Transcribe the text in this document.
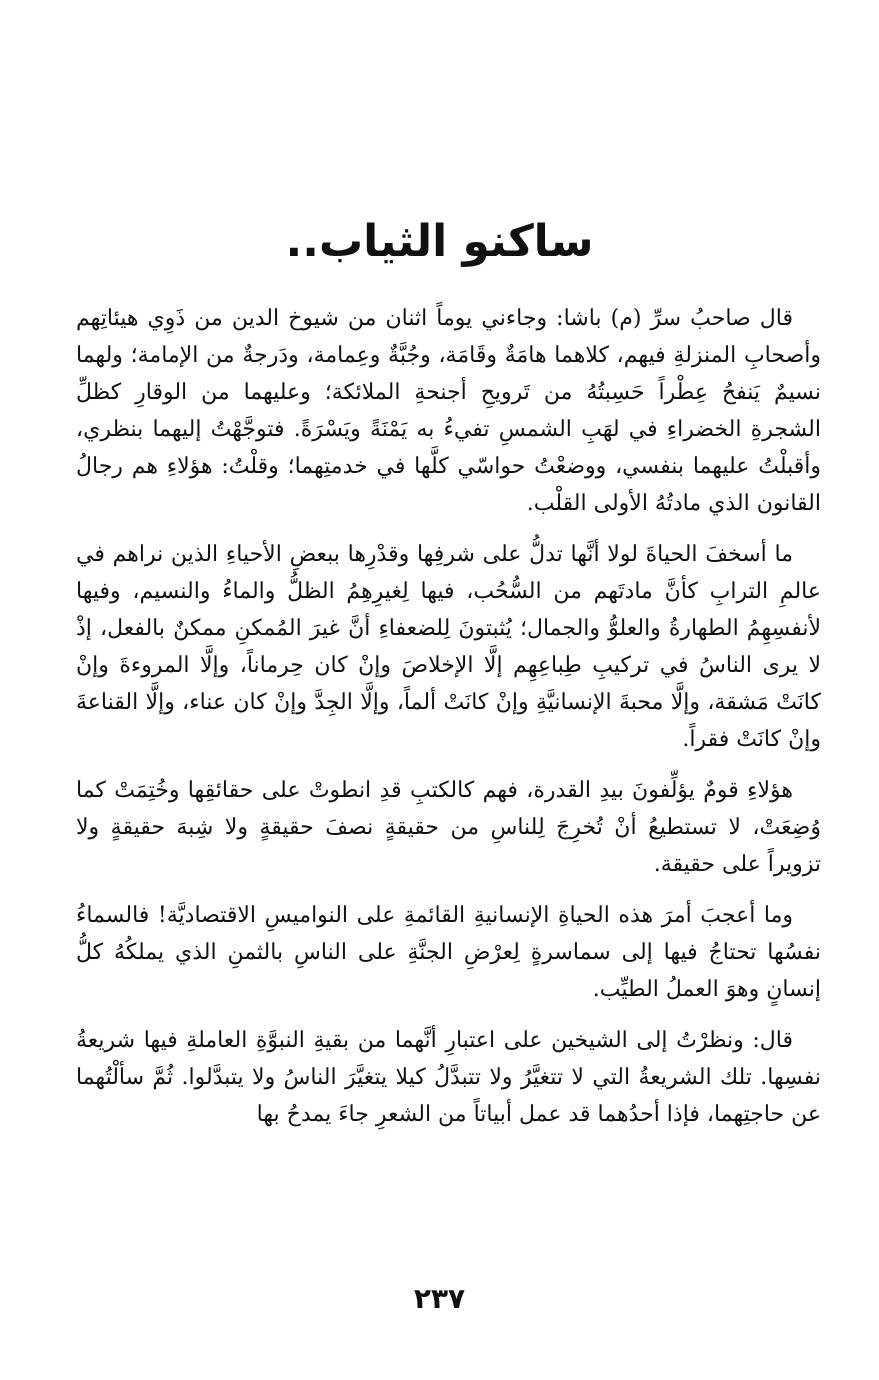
ساكنو الثياب..

قال صاحبُ سرِّ (م) باشا: وجاءني يوماً اثنان من شيوخ الدين من ذَوِي هيئاتِهم وأصحابِ المنزلةِ فيهم، كلاهما هامَةٌ وقَامَة، وجُبَّةٌ وعِمامة، ودَرجةٌ من الإمامة؛ ولهما نسيمٌ يَنفحُ عِطْراً حَسِبتُهُ من تَرويحِ أجنحةِ الملائكة؛ وعليهما من الوقارِ كظلِّ الشجرةِ الخضراءِ في لهَبِ الشمسِ تفيءُ به يَمْنَةً ويَسْرَةً. فتوجَّهْتُ إليهما بنظري، وأقبلْتُ عليهما بنفسي، ووضعْتُ حواسّي كلَّها في خدمتِهما؛ وقلْتُ: هؤلاءِ هم رجالُ القانون الذي مادتُهُ الأولى القلْب.

ما أسخفَ الحياةَ لولا أنَّها تدلُّ على شرفِها وقدْرِها ببعضِ الأحياءِ الذين نراهم في عالمِ الترابِ كأنَّ مادتَهم من السُّحُب، فيها لِغيرِهِمُ الظلُّ والماءُ والنسيم، وفيها لأنفسِهِمُ الطهارةُ والعلوُّ والجمال؛ يُثبتونَ لِلضعفاءِ أنَّ غيرَ المُمكنِ ممكنٌ بالفعل، إذْ لا يرى الناسُ في تركيبِ طِباعِهِم إلَّا الإخلاصَ وإنْ كان حِرماناً، وإلَّا المروءةَ وإنْ كانَتْ مَشقة، وإلَّا محبةَ الإنسانيَّةِ وإنْ كانَتْ ألماً، وإلَّا الجِدَّ وإنْ كان عناء، وإلَّا القناعةَ وإنْ كانَتْ فقراً.

هؤلاءِ قومٌ يؤلِّفونَ بيدِ القدرة، فهم كالكتبِ قدِ انطوتْ على حقائقِها وخُتِمَتْ كما وُضِعَتْ، لا تستطيعُ أنْ تُخرِجَ لِلناسِ من حقيقةٍ نصفَ حقيقةٍ ولا شِبهَ حقيقةٍ ولا تزويراً على حقيقة.

وما أعجبَ أمرَ هذه الحياةِ الإنسانيةِ القائمةِ على النواميسِ الاقتصاديَّة! فالسماءُ نفسُها تحتاجُ فيها إلى سماسرةٍ لِعرْضِ الجنَّةِ على الناسِ بالثمنِ الذي يملكُهُ كلُّ إنسانٍ وهوَ العملُ الطيِّب.

قال: ونظرْتُ إلى الشيخين على اعتبارِ أنَّهما من بقيةِ النبوَّةِ العاملةِ فيها شريعةُ نفسِها. تلك الشريعةُ التي لا تتغيَّرُ ولا تتبدَّلُ كيلا يتغيَّرَ الناسُ ولا يتبدَّلوا. ثُمَّ سألْتُهما عن حاجتِهما، فإذا أحدُهما قد عمل أبياتاً من الشعرِ جاءَ يمدحُ بها

٢٣٧
